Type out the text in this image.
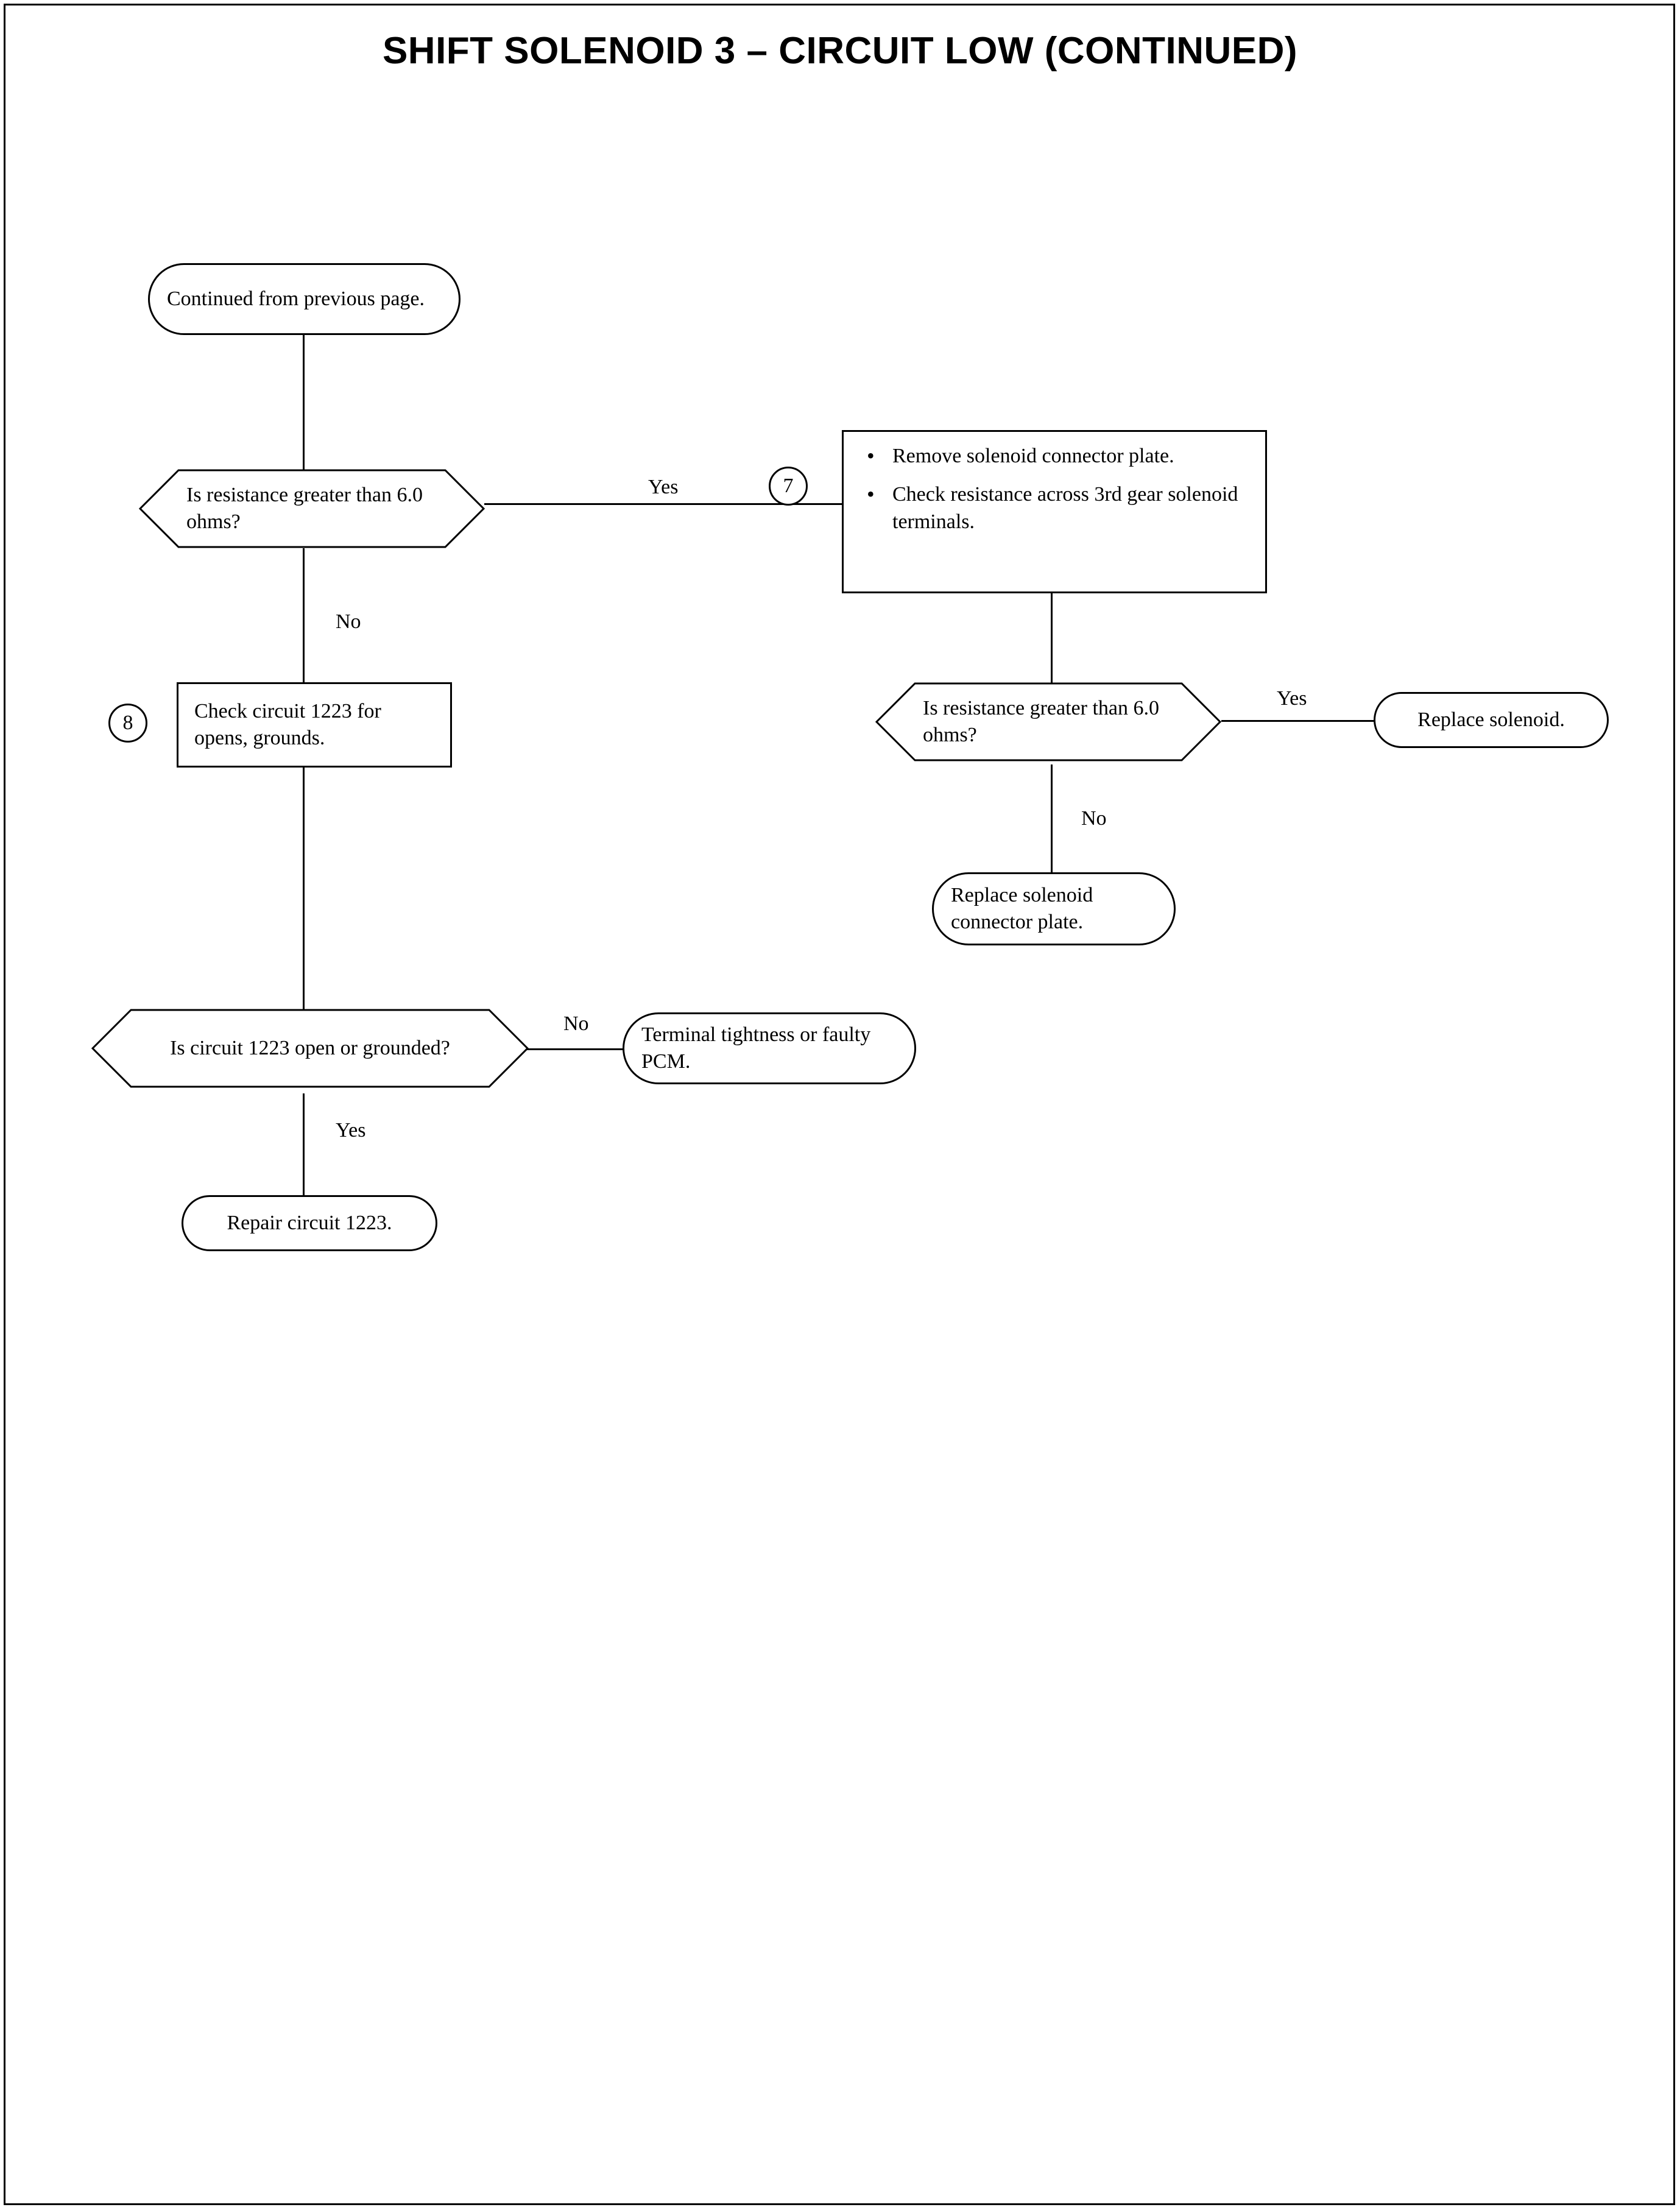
SHIFT SOLENOID 3 – CIRCUIT LOW (CONTINUED)
Continued from previous page.
Is resistance greater than 6.0 ohms?
Yes
No
7
• Remove solenoid connector plate.
• Check resistance across 3rd gear solenoid terminals.
8
Check circuit 1223 for opens, grounds.
Is resistance greater than 6.0 ohms?
Yes
No
Replace solenoid.
Replace solenoid connector plate.
Is circuit 1223 open or grounded?
No
Yes
Terminal tightness or faulty PCM.
Repair circuit 1223.
